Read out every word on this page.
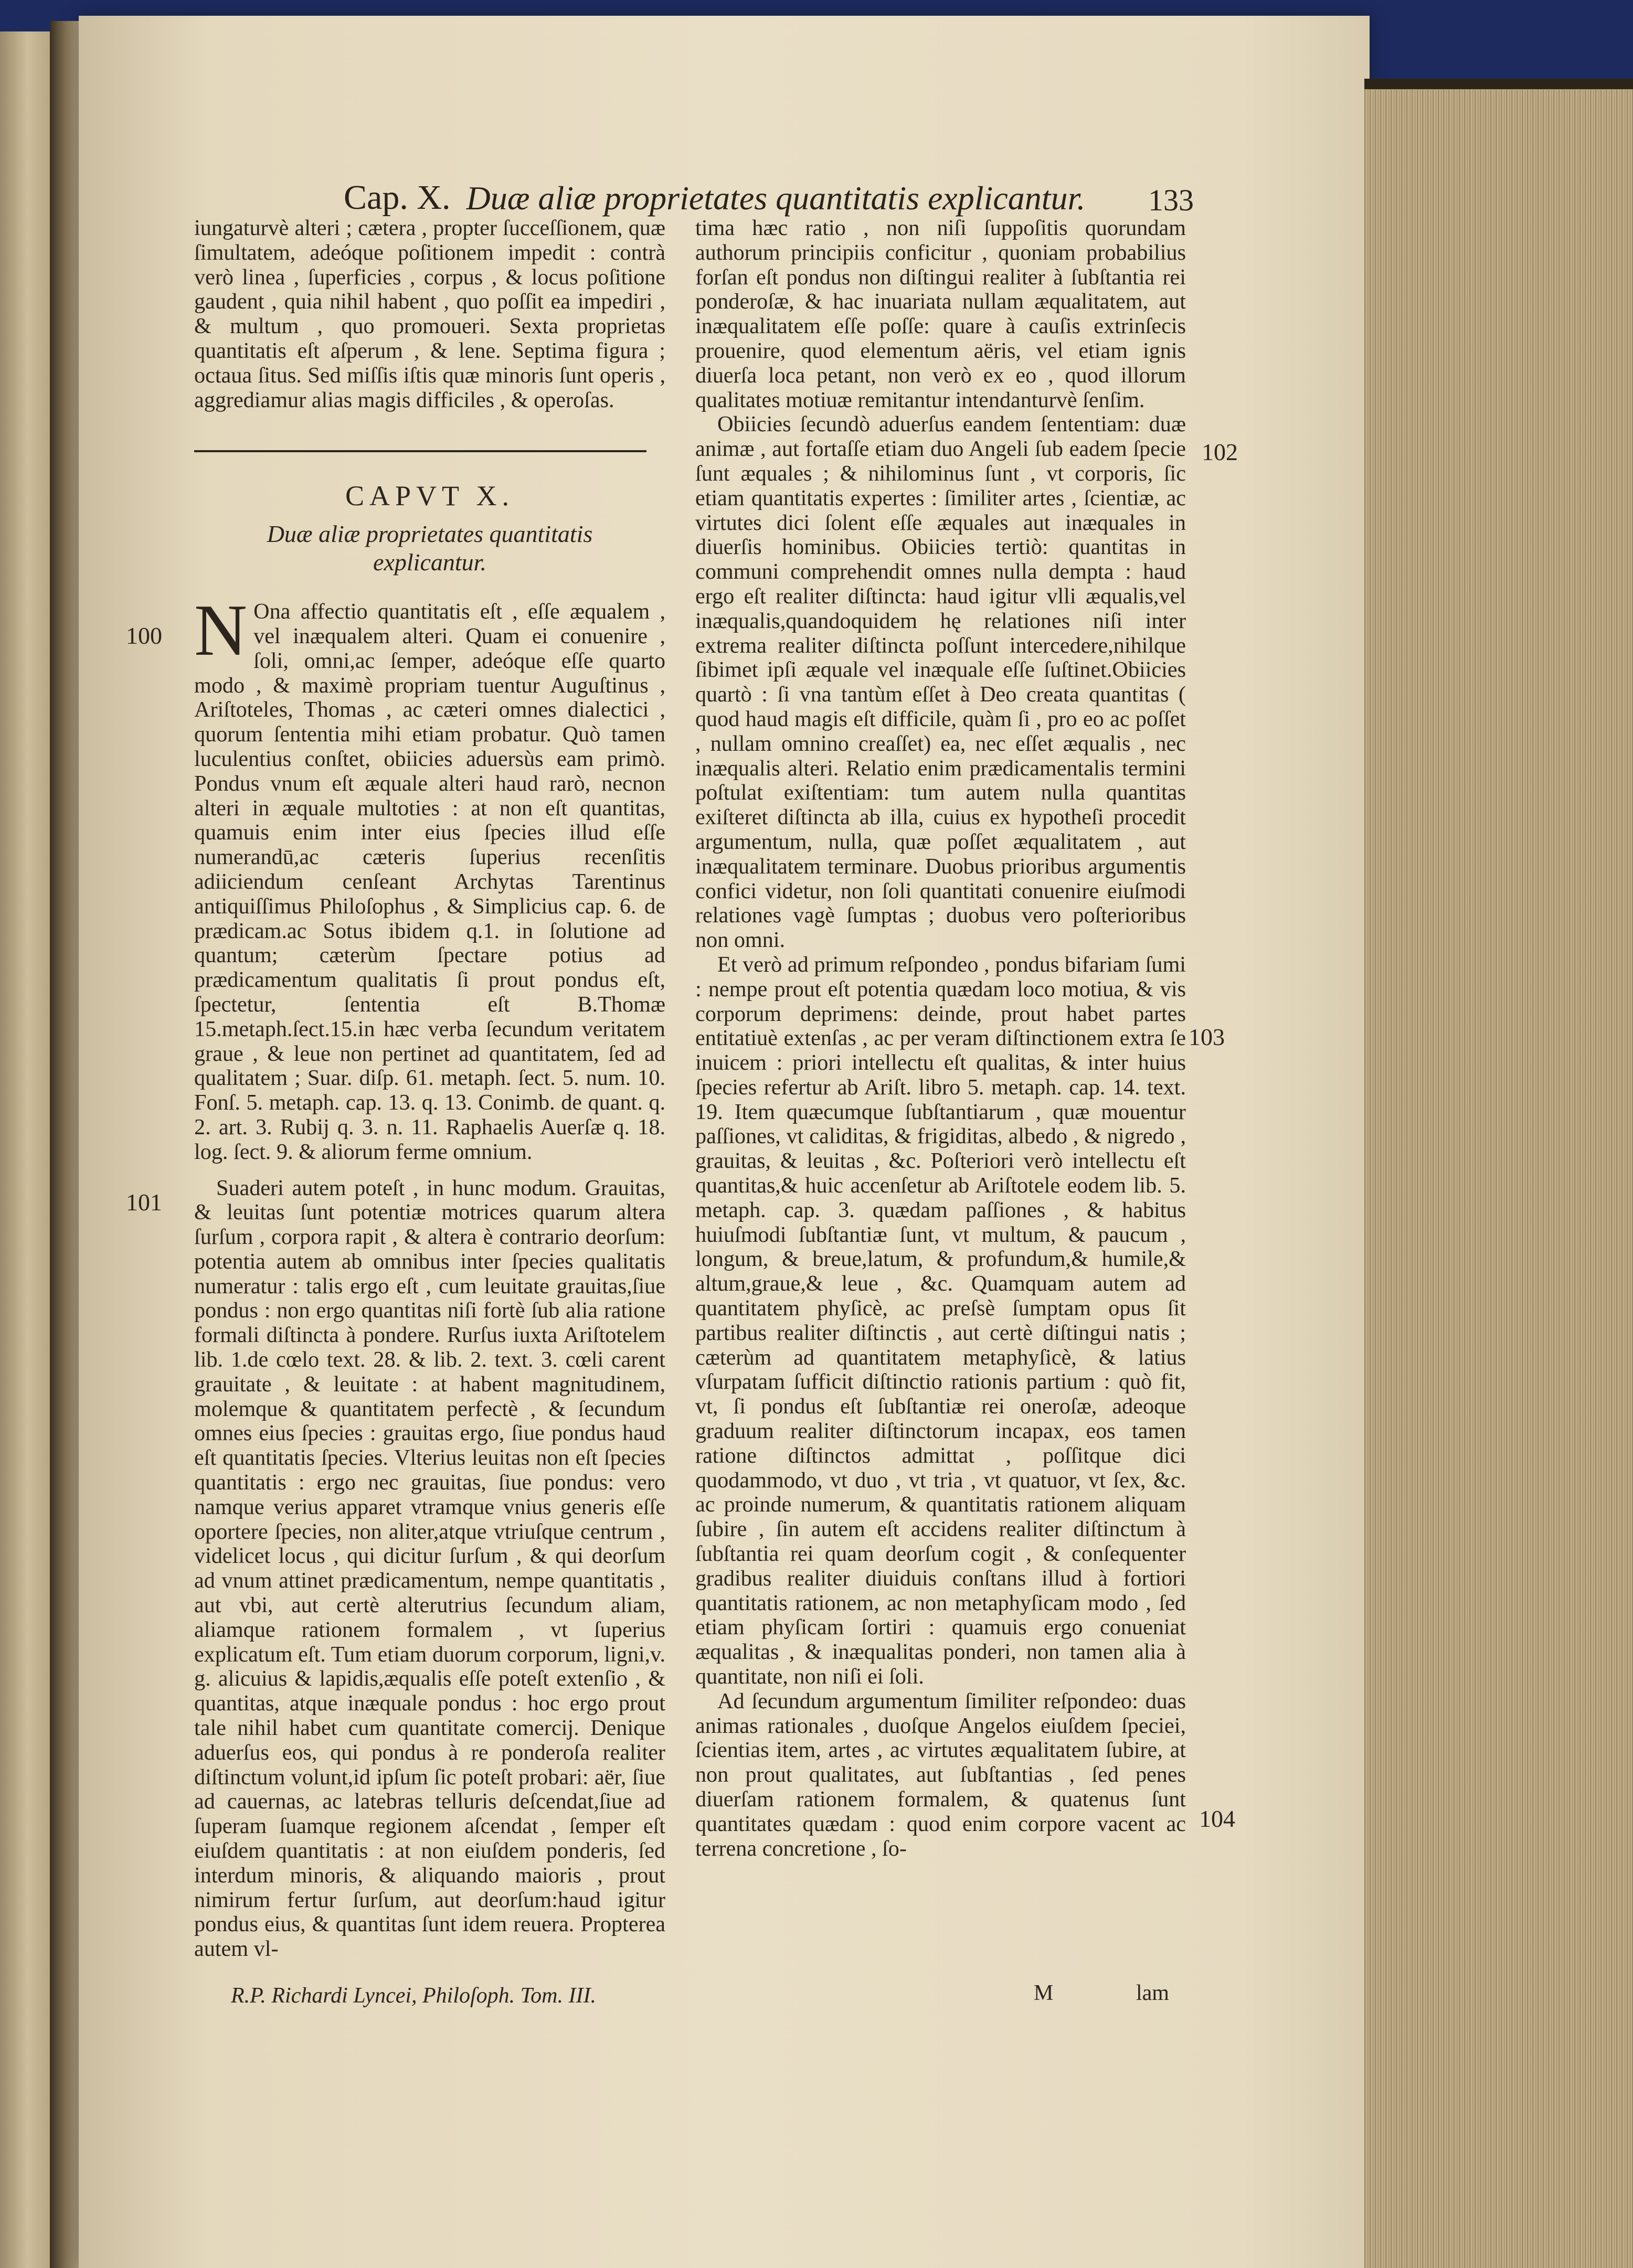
Cap. X. Duæ aliæ proprietates quantitatis explicantur.	133

iungaturvè alteri ; cætera , propter ſucceſſionem, quæ ſimultatem, adeóque poſitionem impedit : contrà verò linea , ſuperficies , corpus , & locus poſitione gaudent , quia nihil habent , quo poſſit ea impediri , & multum , quo promoueri. Sexta proprietas quantitatis eſt aſperum , & lene. Septima figura ; octaua ſitus. Sed miſſis iſtis quæ minoris ſunt operis , aggrediamur alias magis difficiles , & operoſas.

CAPVT X.
Duæ aliæ proprietates quantitatis explicantur.

N Ona affectio quantitatis eſt , eſſe æqualem , vel inæqualem alteri. Quam ei conuenire , ſoli, omni,ac ſemper, adeóque eſſe quarto modo , & maximè propriam tuentur Auguſtinus , Ariſtoteles, Thomas , ac cæteri omnes dialectici , quorum ſententia mihi etiam probatur. Quò tamen luculentius conſtet, obiicies aduersùs eam primò. Pondus vnum eſt æquale alteri haud rarò, necnon alteri in æquale multoties : at non eſt quantitas, quamuis enim inter eius ſpecies illud eſſe numerandū,ac cæteris ſuperius recenſitis adiiciendum cenſeant Archytas Tarentinus antiquiſſimus Philoſophus , & Simplicius cap. 6. de prædicam.ac Sotus ibidem q.1. in ſolutione ad quantum; cæterùm ſpectare potius ad prædicamentum qualitatis ſi prout pondus eſt, ſpectetur, ſententia eſt B.Thomæ 15.metaph.ſect.15.in hæc verba ſecundum veritatem graue , & leue non pertinet ad quantitatem, ſed ad qualitatem ; Suar. diſp. 61. metaph. ſect. 5. num. 10. Fonſ. 5. metaph. cap. 13. q. 13. Conimb. de quant. q. 2. art. 3. Rubij q. 3. n. 11. Raphaelis Auerſæ q. 18. log. ſect. 9. & aliorum ferme omnium.

Suaderi autem poteſt , in hunc modum. Grauitas, & leuitas ſunt potentiæ motrices quarum altera ſurſum , corpora rapit , & altera è contrario deorſum: potentia autem ab omnibus inter ſpecies qualitatis numeratur : talis ergo eſt , cum leuitate grauitas,ſiue pondus : non ergo quantitas niſi fortè ſub alia ratione formali diſtincta à pondere. Rurſus iuxta Ariſtotelem lib. 1.de cœlo text. 28. & lib. 2. text. 3. cœli carent grauitate , & leuitate : at habent magnitudinem, molemque & quantitatem perfectè , & ſecundum omnes eius ſpecies : grauitas ergo, ſiue pondus haud eſt quantitatis ſpecies. Vlterius leuitas non eſt ſpecies quantitatis : ergo nec grauitas, ſiue pondus: vero namque verius apparet vtramque vnius generis eſſe oportere ſpecies, non aliter,atque vtriuſque centrum , videlicet locus , qui dicitur ſurſum , & qui deorſum ad vnum attinet prædicamentum, nempe quantitatis , aut vbi, aut certè alterutrius ſecundum aliam, aliamque rationem formalem , vt ſuperius explicatum eſt. Tum etiam duorum corporum, ligni,v. g. alicuius & lapidis,æqualis eſſe poteſt extenſio , & quantitas, atque inæquale pondus : hoc ergo prout tale nihil habet cum quantitate comercij. Denique aduerſus eos, qui pondus à re ponderoſa realiter diſtinctum volunt,id ipſum ſic poteſt probari: aër, ſiue ad cauernas, ac latebras telluris deſcendat,ſiue ad ſuperam ſuamque regionem aſcendat , ſemper eſt eiuſdem quantitatis : at non eiuſdem ponderis, ſed interdum minoris, & aliquando maioris , prout nimirum fertur ſurſum, aut deorſum:haud igitur pondus eius, & quantitas ſunt idem reuera. Propterea autem vl-

tima hæc ratio , non niſi ſuppoſitis quorundam authorum principiis conficitur , quoniam probabilius forſan eſt pondus non diſtingui realiter à ſubſtantia rei ponderoſæ, & hac inuariata nullam æqualitatem, aut inæqualitatem eſſe poſſe: quare à cauſis extrinſecis prouenire, quod elementum aëris, vel etiam ignis diuerſa loca petant, non verò ex eo , quod illorum qualitates motiuæ remitantur intendanturvè ſenſim.

Obiicies ſecundò aduerſus eandem ſententiam: duæ animæ , aut fortaſſe etiam duo Angeli ſub eadem ſpecie ſunt æquales ; & nihilominus ſunt , vt corporis, ſic etiam quantitatis expertes : ſimiliter artes , ſcientiæ, ac virtutes dici ſolent eſſe æquales aut inæquales in diuerſis hominibus. Obiicies tertiò: quantitas in communi comprehendit omnes nulla dempta : haud ergo eſt realiter diſtincta: haud igitur vlli æqualis,vel inæqualis,quandoquidem hę relationes niſi inter extrema realiter diſtincta poſſunt intercedere,nihilque ſibimet ipſi æquale vel inæquale eſſe ſuſtinet.Obiicies quartò : ſi vna tantùm eſſet à Deo creata quantitas ( quod haud magis eſt difficile, quàm ſi , pro eo ac poſſet , nullam omnino creaſſet) ea, nec eſſet æqualis , nec inæqualis alteri. Relatio enim prædicamentalis termini poſtulat exiſtentiam: tum autem nulla quantitas exiſteret diſtincta ab illa, cuius ex hypotheſi procedit argumentum, nulla, quæ poſſet æqualitatem , aut inæqualitatem terminare. Duobus prioribus argumentis confici videtur, non ſoli quantitati conuenire eiuſmodi relationes vagè ſumptas ; duobus vero poſterioribus non omni.

Et verò ad primum reſpondeo , pondus bifariam ſumi : nempe prout eſt potentia quædam loco motiua, & vis corporum deprimens: deinde, prout habet partes entitatiuè extenſas , ac per veram diſtinctionem extra ſe inuicem : priori intellectu eſt qualitas, & inter huius ſpecies refertur ab Ariſt. libro 5. metaph. cap. 14. text. 19. Item quæcumque ſubſtantiarum , quæ mouentur paſſiones, vt caliditas, & frigiditas, albedo , & nigredo , grauitas, & leuitas , &c. Poſteriori verò intellectu eſt quantitas,& huic accenſetur ab Ariſtotele eodem lib. 5. metaph. cap. 3. quædam paſſiones , & habitus huiuſmodi ſubſtantiæ ſunt, vt multum, & paucum , longum, & breue,latum, & profundum,& humile,& altum,graue,& leue , &c. Quamquam autem ad quantitatem phyſicè, ac preſsè ſumptam opus ſit partibus realiter diſtinctis , aut certè diſtingui natis ; cæterùm ad quantitatem metaphyſicè, & latius vſurpatam ſufficit diſtinctio rationis partium : quò fit, vt, ſi pondus eſt ſubſtantiæ rei oneroſæ, adeoque graduum realiter diſtinctorum incapax, eos tamen ratione diſtinctos admittat , poſſitque dici quodammodo, vt duo , vt tria , vt quatuor, vt ſex, &c. ac proinde numerum, & quantitatis rationem aliquam ſubire , ſin autem eſt accidens realiter diſtinctum à ſubſtantia rei quam deorſum cogit , & conſequenter gradibus realiter diuiduis conſtans illud à fortiori quantitatis rationem, ac non metaphyſicam modo , ſed etiam phyſicam ſortiri : quamuis ergo conueniat æqualitas , & inæqualitas ponderi, non tamen alia à quantitate, non niſi ei ſoli.

Ad ſecundum argumentum ſimiliter reſpondeo: duas animas rationales , duoſque Angelos eiuſdem ſpeciei, ſcientias item, artes , ac virtutes æqualitatem ſubire, at non prout qualitates, aut ſubſtantias , ſed penes diuerſam rationem formalem, & quatenus ſunt quantitates quædam : quod enim corpore vacent ac terrena concretione , ſo-

100
101
102
103
104
R.P. Richardi Lyncei, Philoſoph. Tom. III.	M	lam
